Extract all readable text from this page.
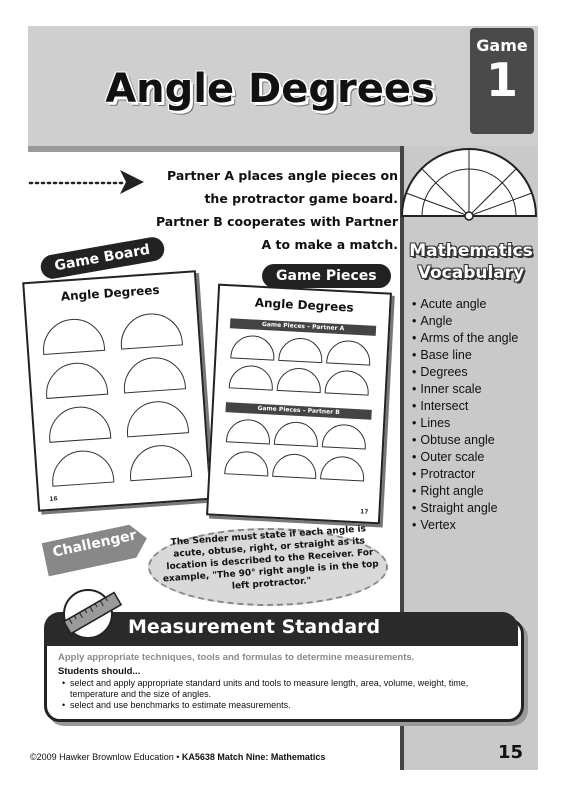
Angle Degrees
Game
1
Mathematics
Vocabulary
• Acute angle
• Angle
• Arms of the angle
• Base line
• Degrees
• Inner scale
• Intersect
• Lines
• Obtuse angle
• Outer scale
• Protractor
• Right angle
• Straight angle
• Vertex
Partner A places angle pieces on the protractor game board. Partner B cooperates with Partner A to make a match.
Angle Degrees
16
Angle Degrees
Game Pieces – Partner A
Game Pieces – Partner B
17
Game Board
Game Pieces
The Sender must state if each angle is acute, obtuse, right, or straight as its location is described to the Receiver. For example, "The 90° right angle is in the top left protractor."
Challenger
Measurement Standard
Apply appropriate techniques, tools and formulas to determine measurements.
Students should...
• select and apply appropriate standard units and tools to measure length, area, volume, weight, time, temperature and the size of angles.
• select and use benchmarks to estimate measurements.
©2009 Hawker Brownlow Education • KA5638 Match Nine: Mathematics	15
